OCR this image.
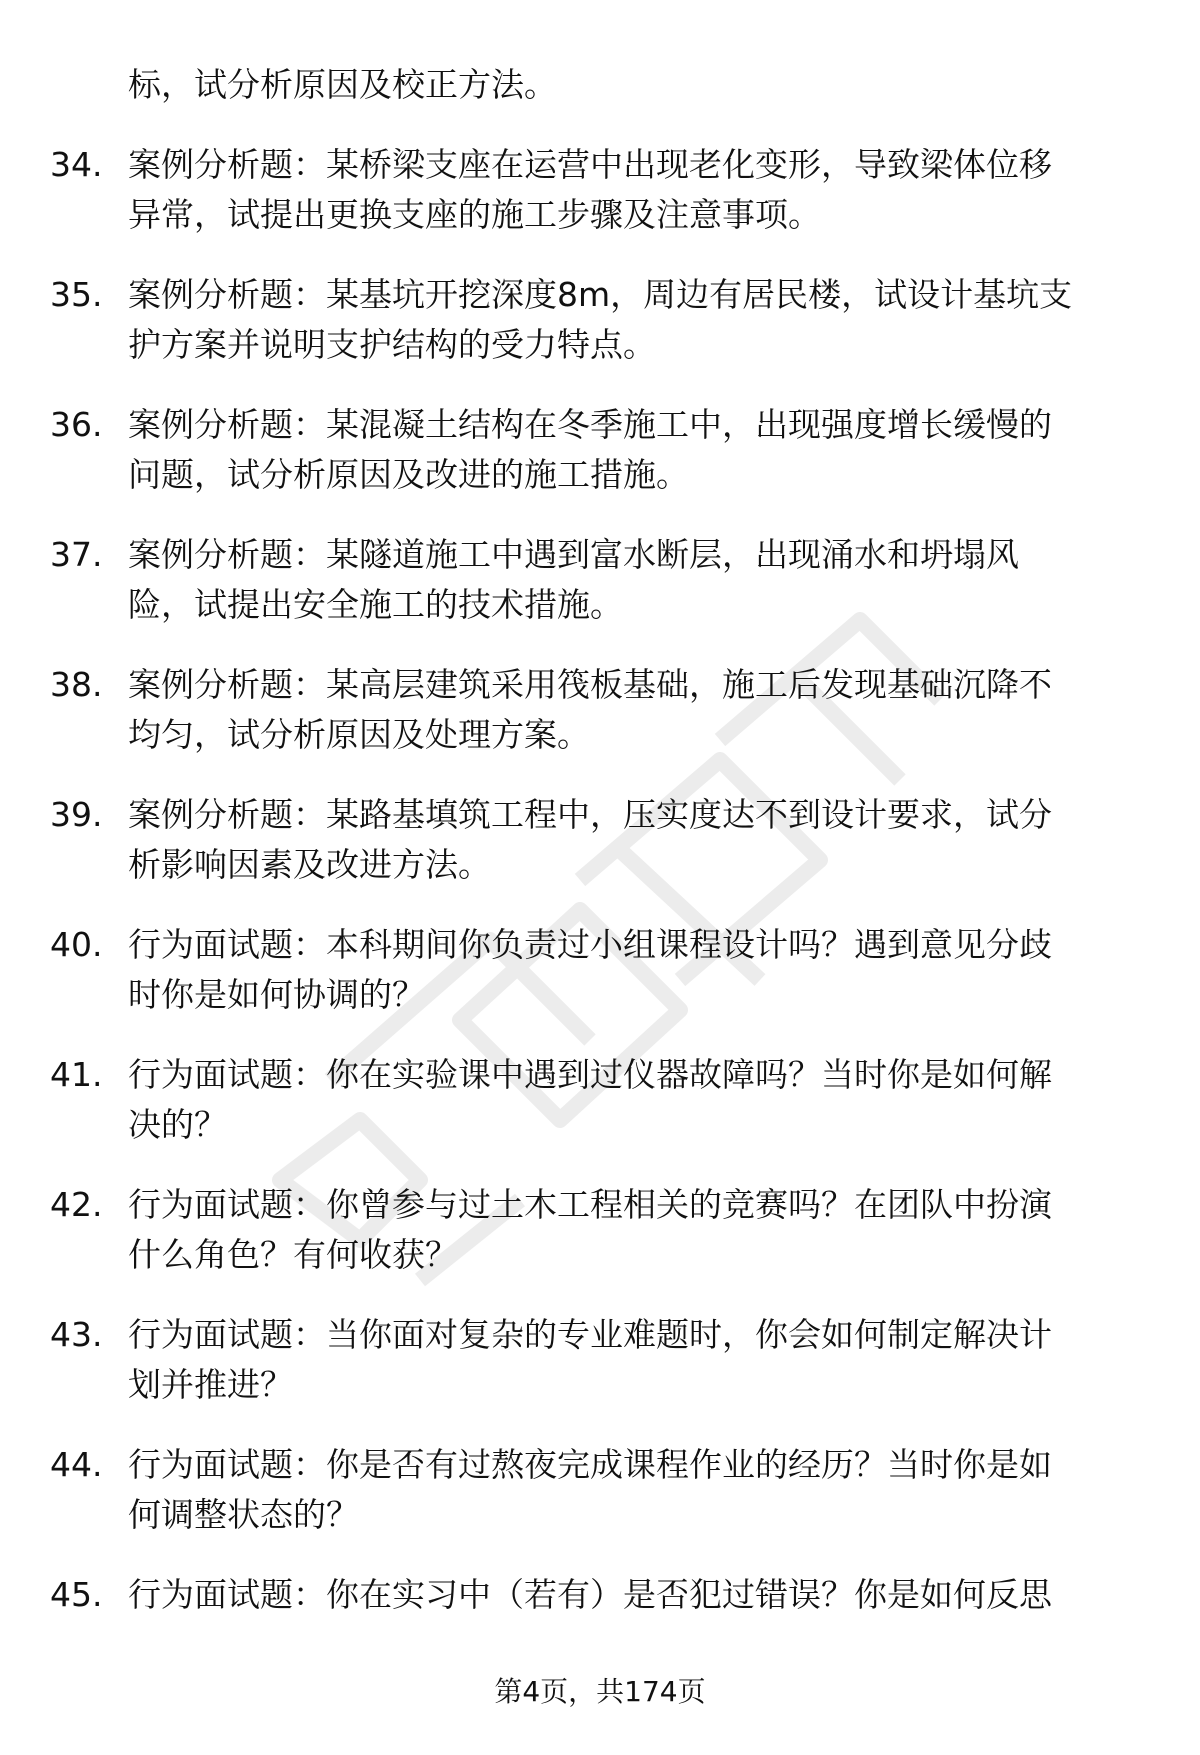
标，试分析原因及校正方法。
34. 案例分析题：某桥梁支座在运营中出现老化变形，导致梁体位移
异常，试提出更换支座的施工步骤及注意事项。
35. 案例分析题：某基坑开挖深度8m，周边有居民楼，试设计基坑支
护方案并说明支护结构的受力特点。
36. 案例分析题：某混凝土结构在冬季施工中，出现强度增长缓慢的
问题，试分析原因及改进的施工措施。
37. 案例分析题：某隧道施工中遇到富水断层，出现涌水和坍塌风
险，试提出安全施工的技术措施。
38. 案例分析题：某高层建筑采用筏板基础，施工后发现基础沉降不
均匀，试分析原因及处理方案。
39. 案例分析题：某路基填筑工程中，压实度达不到设计要求，试分
析影响因素及改进方法。
40. 行为面试题：本科期间你负责过小组课程设计吗？遇到意见分歧
时你是如何协调的？
41. 行为面试题：你在实验课中遇到过仪器故障吗？当时你是如何解
决的？
42. 行为面试题：你曾参与过土木工程相关的竞赛吗？在团队中扮演
什么角色？有何收获？
43. 行为面试题：当你面对复杂的专业难题时，你会如何制定解决计
划并推进？
44. 行为面试题：你是否有过熬夜完成课程作业的经历？当时你是如
何调整状态的？
45. 行为面试题：你在实习中（若有）是否犯过错误？你是如何反思
第4页，共174页
